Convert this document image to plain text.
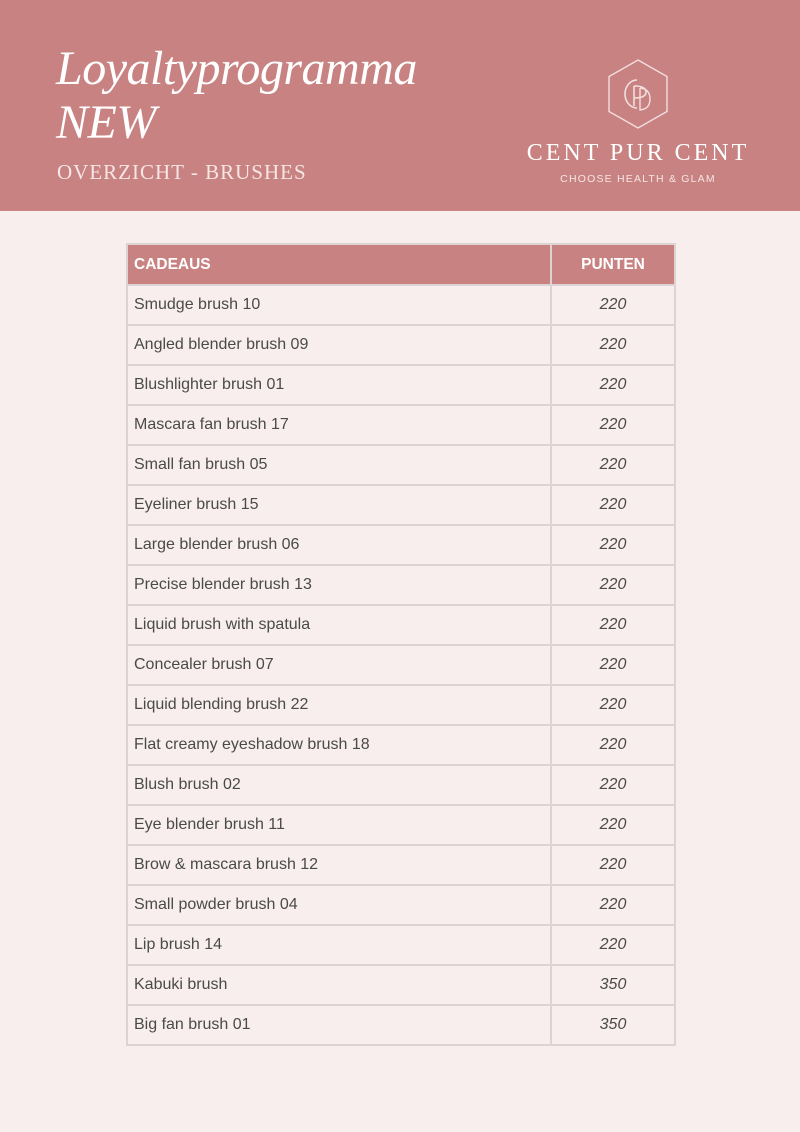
Loyaltyprogramma
NEW
OVERZICHT - BRUSHES
CENT PUR CENT
CHOOSE HEALTH & GLAM
CADEAUS	PUNTEN
Smudge brush 10	220
Angled blender brush 09	220
Blushlighter brush 01	220
Mascara fan brush 17	220
Small fan brush 05	220
Eyeliner brush 15	220
Large blender brush 06	220
Precise blender brush 13	220
Liquid brush with spatula	220
Concealer brush 07	220
Liquid blending brush 22	220
Flat creamy eyeshadow brush 18	220
Blush brush 02	220
Eye blender brush 11	220
Brow & mascara brush 12	220
Small powder brush 04	220
Lip brush 14	220
Kabuki brush	350
Big fan brush 01	350
